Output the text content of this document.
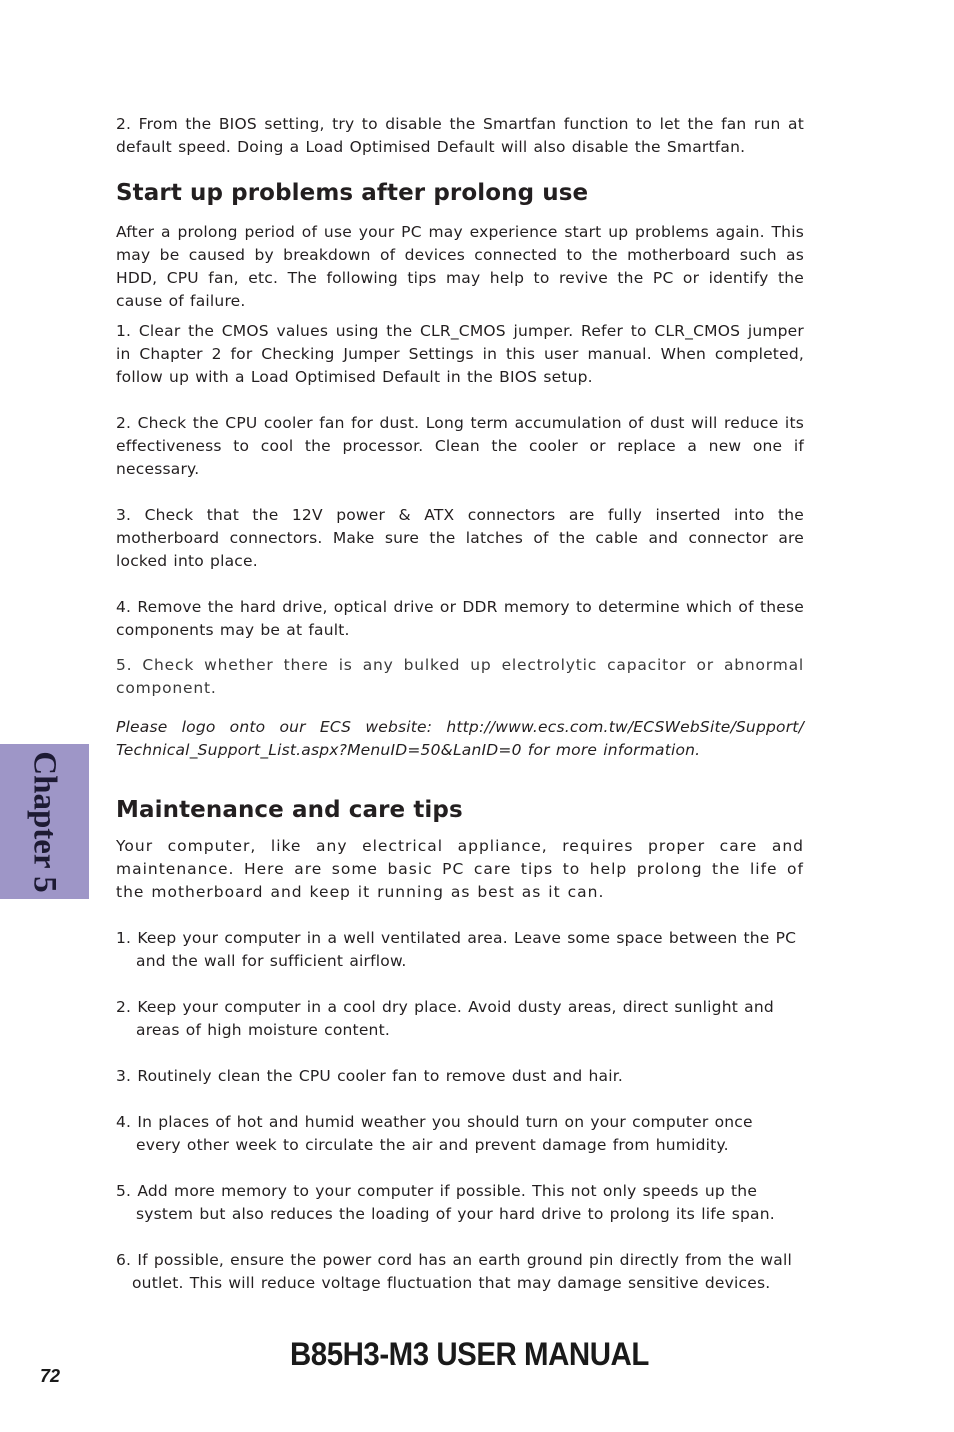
Chapter 5

2. From the BIOS setting, try to disable the Smartfan function to let the fan run at default speed. Doing a Load Optimised Default will also disable the Smartfan.

Start up problems after prolong use

After a prolong period of use your PC may experience start up problems again. This may be caused by breakdown of devices connected to the motherboard such as HDD, CPU fan, etc. The following tips may help to revive the PC or identify the cause of failure.

1. Clear the CMOS values using the CLR_CMOS jumper. Refer to CLR_CMOS jumper in Chapter 2 for Checking Jumper Settings in this user manual. When completed, follow up with a Load Optimised Default in the BIOS setup.

2. Check the CPU cooler fan for dust. Long term accumulation of dust will reduce its effectiveness to cool the processor. Clean the cooler or replace a new one if necessary.

3. Check that the 12V power & ATX connectors are fully inserted into the motherboard connectors. Make sure the latches of the cable and connector are locked into place.

4. Remove the hard drive, optical drive or DDR memory to determine which of these components may be at fault.

5. Check whether there is any bulked up electrolytic capacitor or abnormal component.

Please logo onto our ECS website: http://www.ecs.com.tw/ECSWebSite/Support/ Technical_Support_List.aspx?MenuID=50&LanID=0 for more information.

Maintenance and care tips

Your computer, like any electrical appliance, requires proper care and maintenance. Here are some basic PC care tips to help prolong the life of the motherboard and keep it running as best as it can.

1. Keep your computer in a well ventilated area. Leave some space between the PC and the wall for sufficient airflow.

2. Keep your computer in a cool dry place. Avoid dusty areas, direct sunlight and areas of high moisture content.

3. Routinely clean the CPU cooler fan to remove dust and hair.

4. In places of hot and humid weather you should turn on your computer once every other week to circulate the air and prevent damage from humidity.

5. Add more memory to your computer if possible. This not only speeds up the system but also reduces the loading of your hard drive to prolong its life span.

6. If possible, ensure the power cord has an earth ground pin directly from the wall outlet. This will reduce voltage fluctuation that may damage sensitive devices.

72
B85H3-M3 USER MANUAL
